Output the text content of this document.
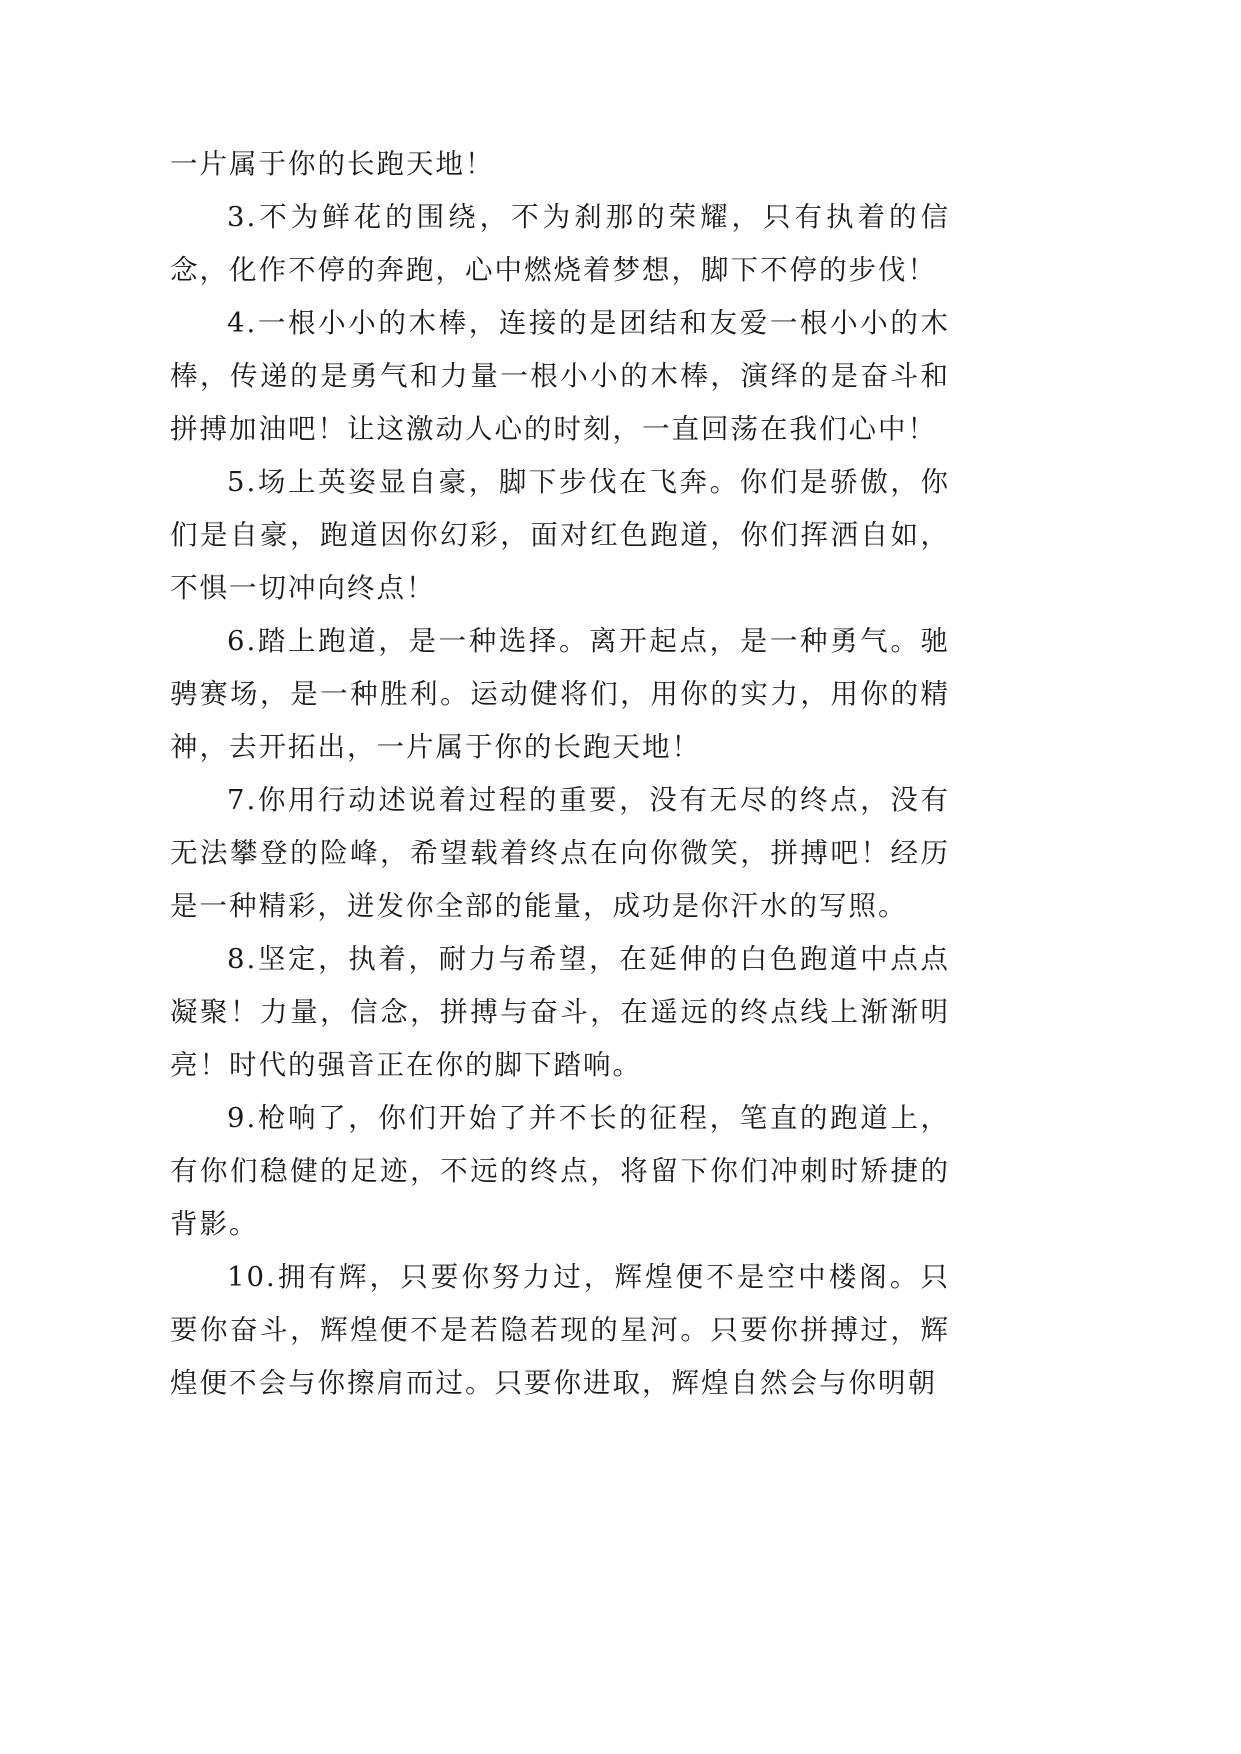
一片属于你的长跑天地！

3.不为鲜花的围绕，不为刹那的荣耀，只有执着的信念，化作不停的奔跑，心中燃烧着梦想，脚下不停的步伐！

4.一根小小的木棒，连接的是团结和友爱一根小小的木棒，传递的是勇气和力量一根小小的木棒，演绎的是奋斗和拼搏加油吧！让这激动人心的时刻，一直回荡在我们心中！

5.场上英姿显自豪，脚下步伐在飞奔。你们是骄傲，你们是自豪，跑道因你幻彩，面对红色跑道，你们挥洒自如，不惧一切冲向终点！

6.踏上跑道，是一种选择。离开起点，是一种勇气。驰骋赛场，是一种胜利。运动健将们，用你的实力，用你的精神，去开拓出，一片属于你的长跑天地！

7.你用行动述说着过程的重要，没有无尽的终点，没有无法攀登的险峰，希望载着终点在向你微笑，拼搏吧！经历是一种精彩，迸发你全部的能量，成功是你汗水的写照。

8.坚定，执着，耐力与希望，在延伸的白色跑道中点点凝聚！力量，信念，拼搏与奋斗，在遥远的终点线上渐渐明亮！时代的强音正在你的脚下踏响。

9.枪响了，你们开始了并不长的征程，笔直的跑道上，有你们稳健的足迹，不远的终点，将留下你们冲刺时矫捷的背影。

10.拥有辉，只要你努力过，辉煌便不是空中楼阁。只要你奋斗，辉煌便不是若隐若现的星河。只要你拼搏过，辉煌便不会与你擦肩而过。只要你进取，辉煌自然会与你明朝
